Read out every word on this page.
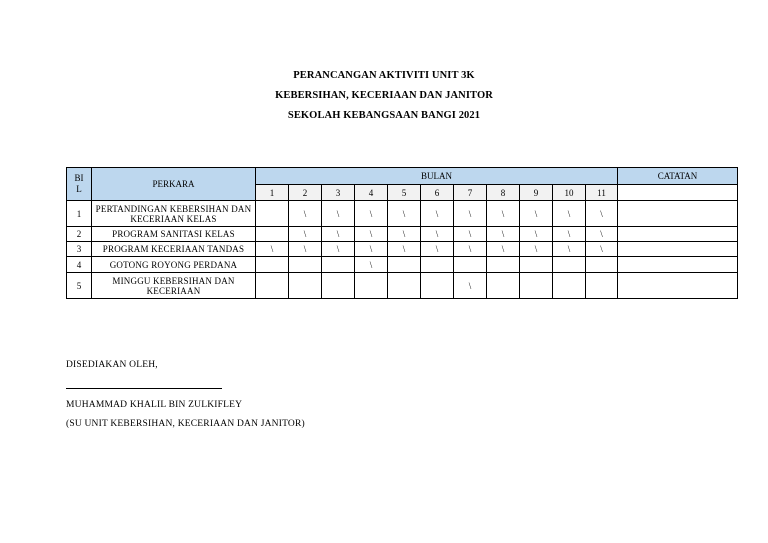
PERANCANGAN AKTIVITI UNIT 3K
KEBERSIHAN, KECERIAAN DAN JANITOR
SEKOLAH KEBANGSAAN BANGI 2021
BIL	PERKARA	BULAN											CATATAN
		1	2	3	4	5	6	7	8	9	10	11	
1	PERTANDINGAN KEBERSIHAN DAN KECERIAAN KELAS		\	\	\	\	\	\	\	\	\	\	
2	PROGRAM SANITASI KELAS		\	\	\	\	\	\	\	\	\	\	
3	PROGRAM KECERIAAN TANDAS	\	\	\	\	\	\	\	\	\	\	\	
4	GOTONG ROYONG PERDANA				\								
5	MINGGU KEBERSIHAN DAN KECERIAAN							\					
DISEDIAKAN OLEH,
MUHAMMAD KHALIL BIN ZULKIFLEY
(SU UNIT KEBERSIHAN, KECERIAAN DAN JANITOR)
